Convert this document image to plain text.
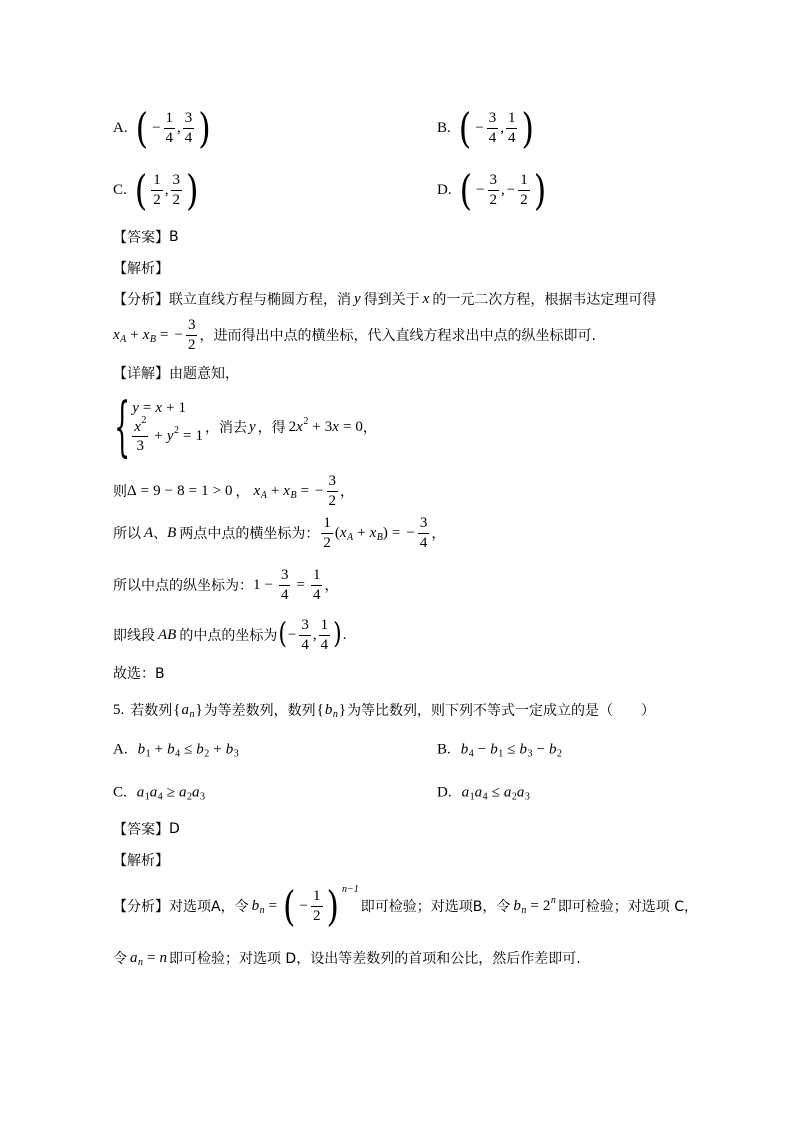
A. ( − $\frac{1}{4}$ , $\frac{3}{4}$ )	B. ( − $\frac{3}{4}$ , $\frac{1}{4}$ )
C. ( $\frac{1}{2}$ , $\frac{3}{2}$ )	D. ( − $\frac{3}{2}$ , − $\frac{1}{2}$ )
【答案】 B
【解析】
【分析】 联立直线方程与椭圆方程，消 y 得到关于 x 的一元二次方程，根据韦达定理可得
x A + x B = − $\frac{3}{2}$ ，进而得出中点的横坐标，代入直线方程求出中点的纵坐标即可.
【详解】 由题意知，
{ y = x + 1
$\frac{x 2}{3} + y$ 2 = 1 ，消去 y ，得 2 x 2 + 3 x = 0 ，
则 Δ = 9 − 8 = 1 > 0 ， x A + x B = − $\frac{3}{2}$ ，
所以 A 、 B 两点中点的横坐标为： $\frac{1}{2}$ ( x A + x B ) = − $\frac{3}{4}$ ，
所以中点的纵坐标为： $1 - \frac{3}{4} = \frac{1}{4}$ ，
即线段 AB 的中点的坐标为 ( − $\frac{3}{4}$ , $\frac{1}{4}$ ) .
故选：B
5. 若数列 { a n } 为等差数列，数列 { b n } 为等比数列，则下列不等式一定成立的是（　　）
A. b 1 + b 4 ≤ b 2 + b 3	B. b 4 − b 1 ≤ b 3 − b 2
C. a 1 a 4 ≥ a 2 a 3	D. a 1 a 4 ≤ a 2 a 3
【答案】 D
【解析】
【分析】 对选项A，令 b n = ( − $\frac{1}{2}$ ) n−1
即可检验；对选项B，令 b n = 2 n 即可检验；对选项 C，
令 a n = n 即可检验；对选项 D，设出等差数列的首项和公比，然后作差即可.
